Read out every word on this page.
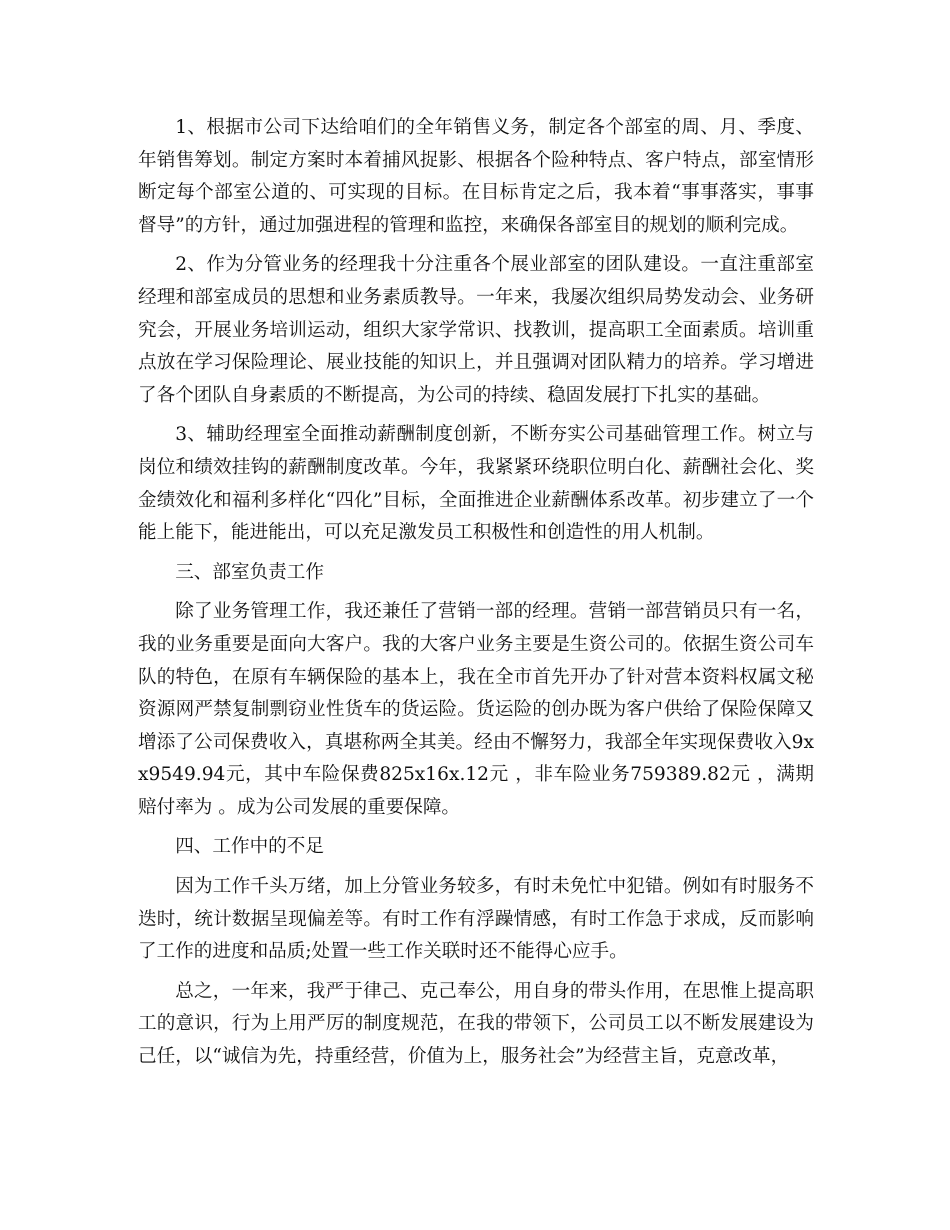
1、根据市公司下达给咱们的全年销售义务，制定各个部室的周、月、季度、年销售筹划。制定方案时本着捕风捉影、根据各个险种特点、客户特点，部室情形断定每个部室公道的、可实现的目标。在目标肯定之后，我本着“事事落实，事事督导”的方针，通过加强进程的管理和监控，来确保各部室目的规划的顺利完成。

2、作为分管业务的经理我十分注重各个展业部室的团队建设。一直注重部室经理和部室成员的思想和业务素质教导。一年来，我屡次组织局势发动会、业务研究会，开展业务培训运动，组织大家学常识、找教训，提高职工全面素质。培训重点放在学习保险理论、展业技能的知识上，并且强调对团队精力的培养。学习增进了各个团队自身素质的不断提高，为公司的持续、稳固发展打下扎实的基础。

3、辅助经理室全面推动薪酬制度创新，不断夯实公司基础管理工作。树立与岗位和绩效挂钩的薪酬制度改革。今年，我紧紧环绕职位明白化、薪酬社会化、奖金绩效化和福利多样化“四化”目标，全面推进企业薪酬体系改革。初步建立了一个能上能下，能进能出，可以充足激发员工积极性和创造性的用人机制。

三、部室负责工作

除了业务管理工作，我还兼任了营销一部的经理。营销一部营销员只有一名，我的业务重要是面向大客户。我的大客户业务主要是生资公司的。依据生资公司车队的特色，在原有车辆保险的基本上，我在全市首先开办了针对营本资料权属文秘资源网严禁复制剽窃业性货车的货运险。货运险的创办既为客户供给了保险保障又增添了公司保费收入，真堪称两全其美。经由不懈努力，我部全年实现保费收入9xx9549.94元，其中车险保费825x16x.12元 ，非车险业务759389.82元 ，满期赔付率为 。成为公司发展的重要保障。

四、工作中的不足

因为工作千头万绪，加上分管业务较多，有时未免忙中犯错。例如有时服务不迭时，统计数据呈现偏差等。有时工作有浮躁情感，有时工作急于求成，反而影响了工作的进度和品质;处置一些工作关联时还不能得心应手。

总之，一年来，我严于律己、克己奉公，用自身的带头作用，在思惟上提高职工的意识，行为上用严厉的制度规范，在我的带领下，公司员工以不断发展建设为己任，以“诚信为先，持重经营，价值为上，服务社会”为经营主旨，克意改革，
